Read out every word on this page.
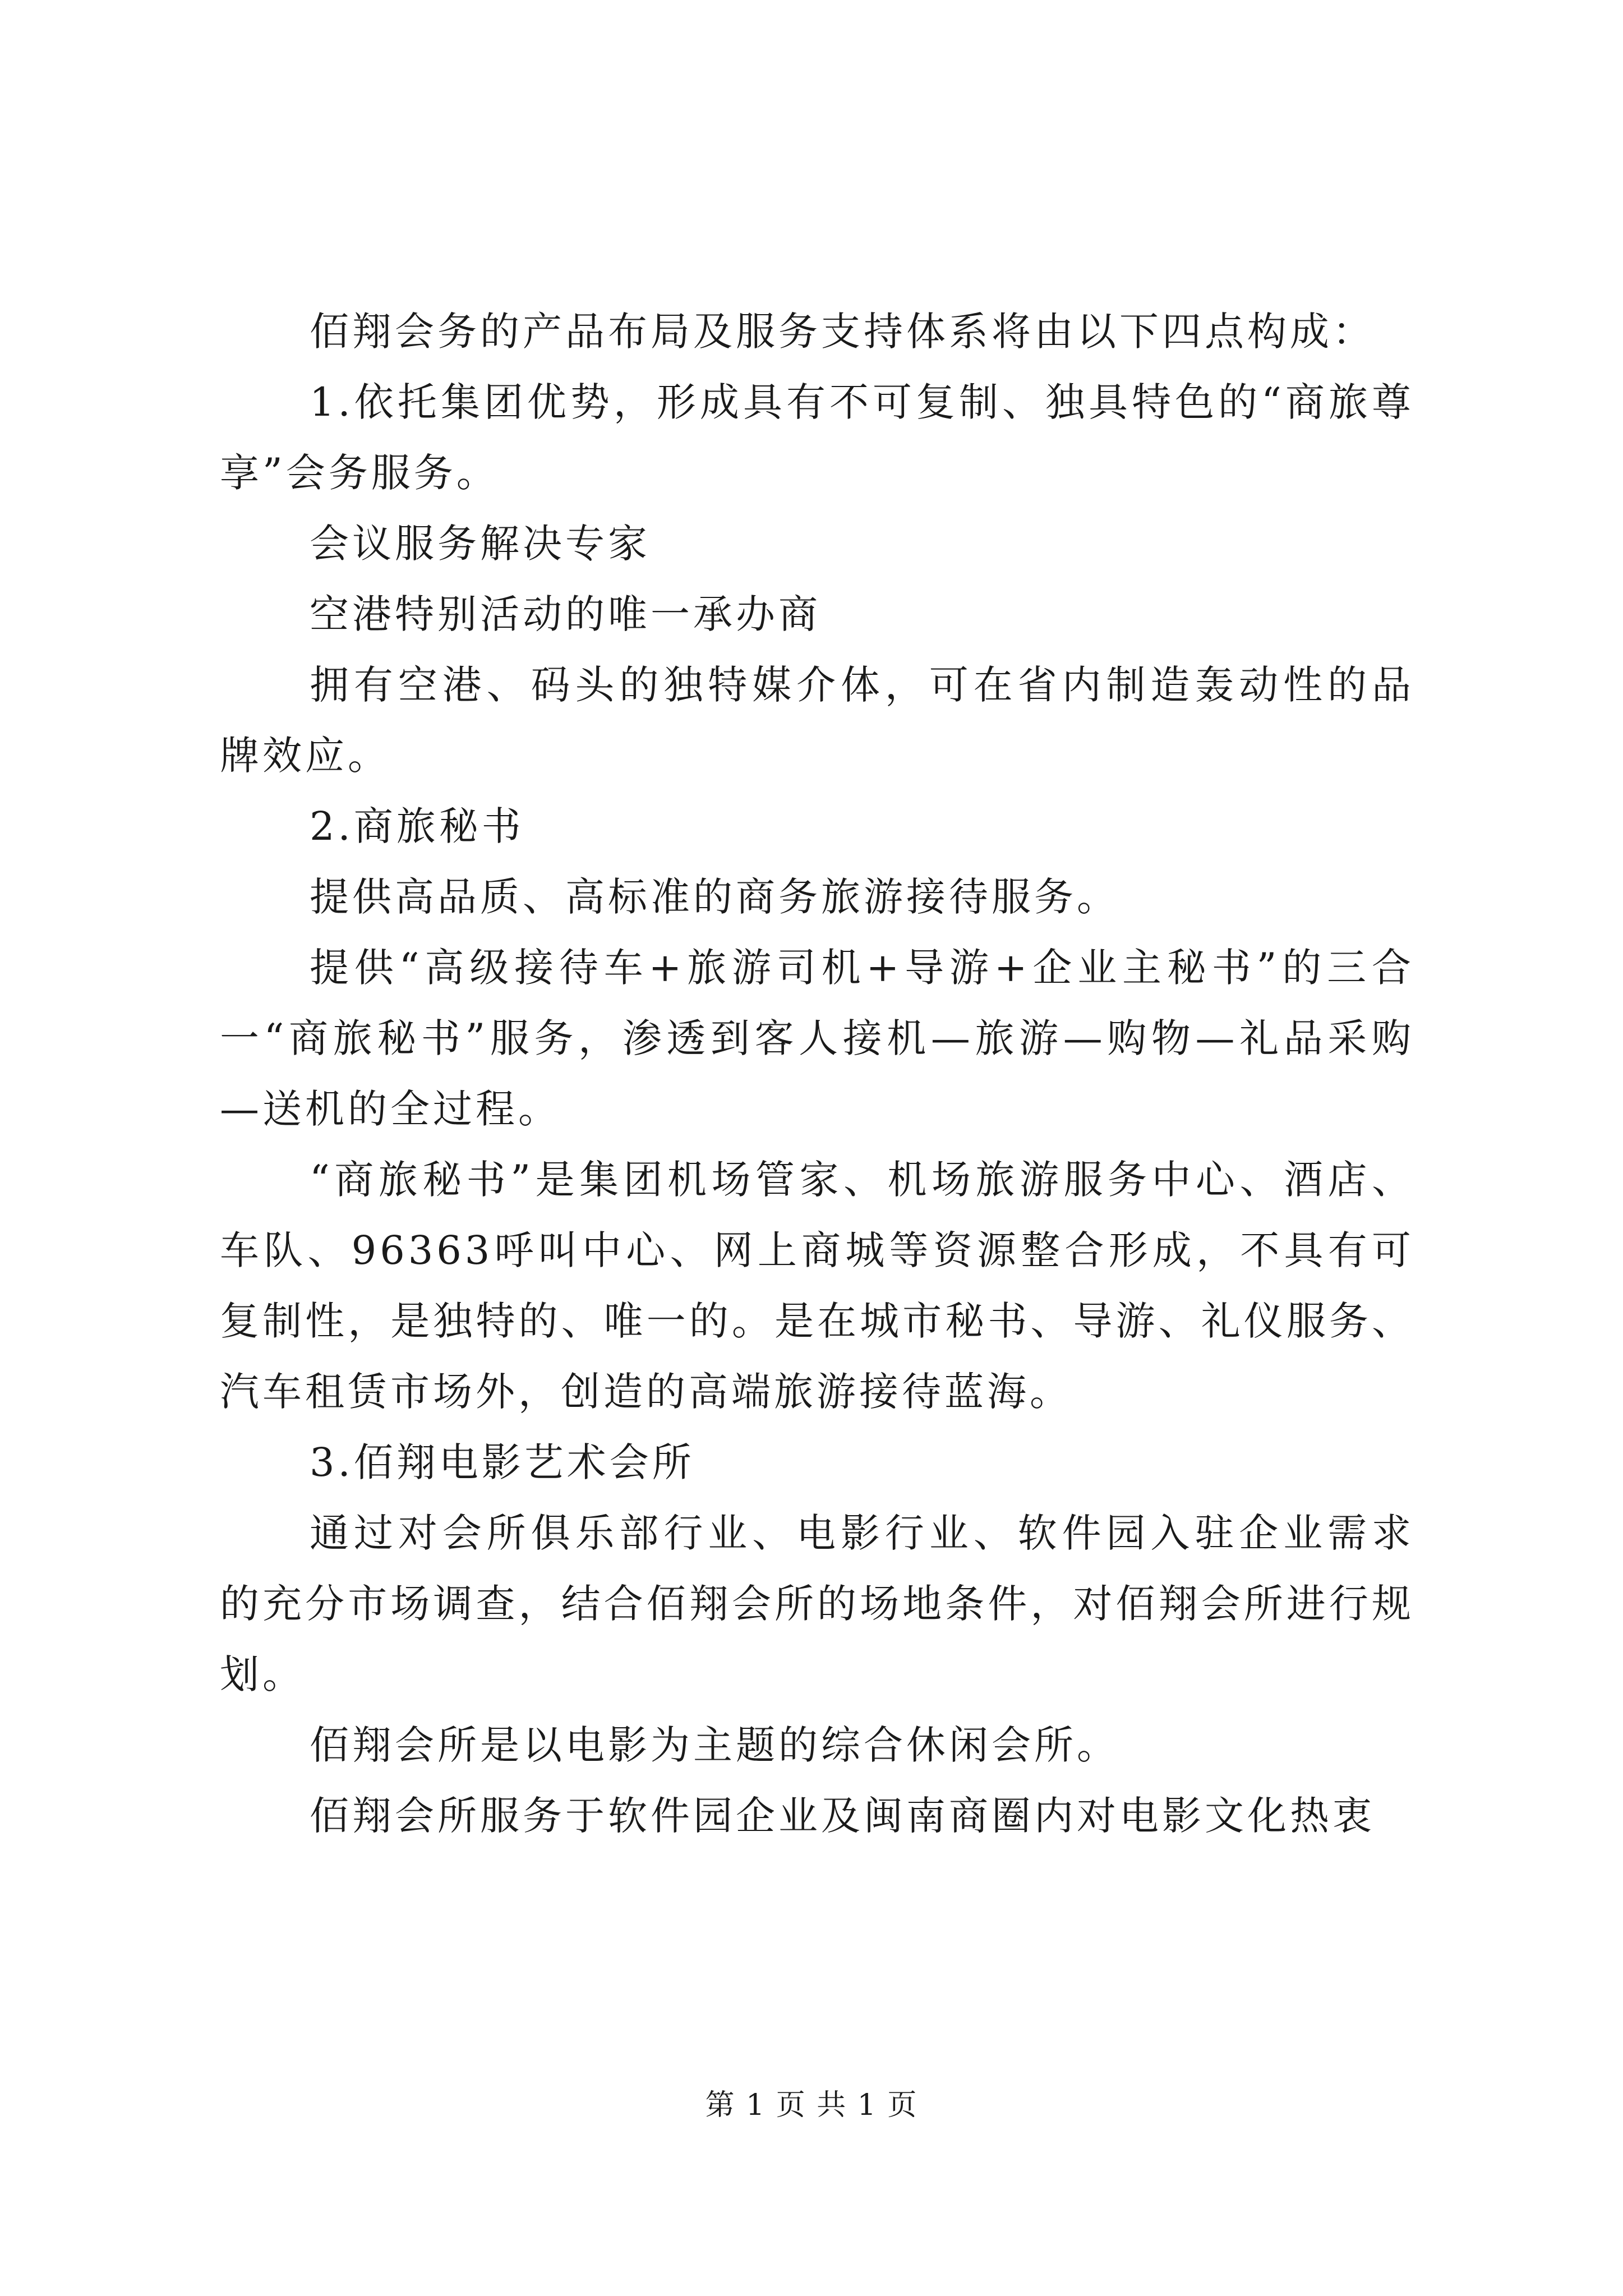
佰翔会务的产品布局及服务支持体系将由以下四点构成：

1.依托集团优势，形成具有不可复制、独具特色的“商旅尊享”会务服务。

会议服务解决专家

空港特别活动的唯一承办商

拥有空港、码头的独特媒介体，可在省内制造轰动性的品牌效应。

2.商旅秘书

提供高品质、高标准的商务旅游接待服务。

提供“高级接待车+旅游司机+导游+企业主秘书”的三合一“商旅秘书”服务，渗透到客人接机—旅游—购物—礼品采购—送机的全过程。

“商旅秘书”是集团机场管家、机场旅游服务中心、酒店、车队、96363呼叫中心、网上商城等资源整合形成，不具有可复制性，是独特的、唯一的。是在城市秘书、导游、礼仪服务、汽车租赁市场外，创造的高端旅游接待蓝海。

3.佰翔电影艺术会所

通过对会所俱乐部行业、电影行业、软件园入驻企业需求的充分市场调查，结合佰翔会所的场地条件，对佰翔会所进行规划。

佰翔会所是以电影为主题的综合休闲会所。

佰翔会所服务于软件园企业及闽南商圈内对电影文化热衷

第 1 页 共 1 页
